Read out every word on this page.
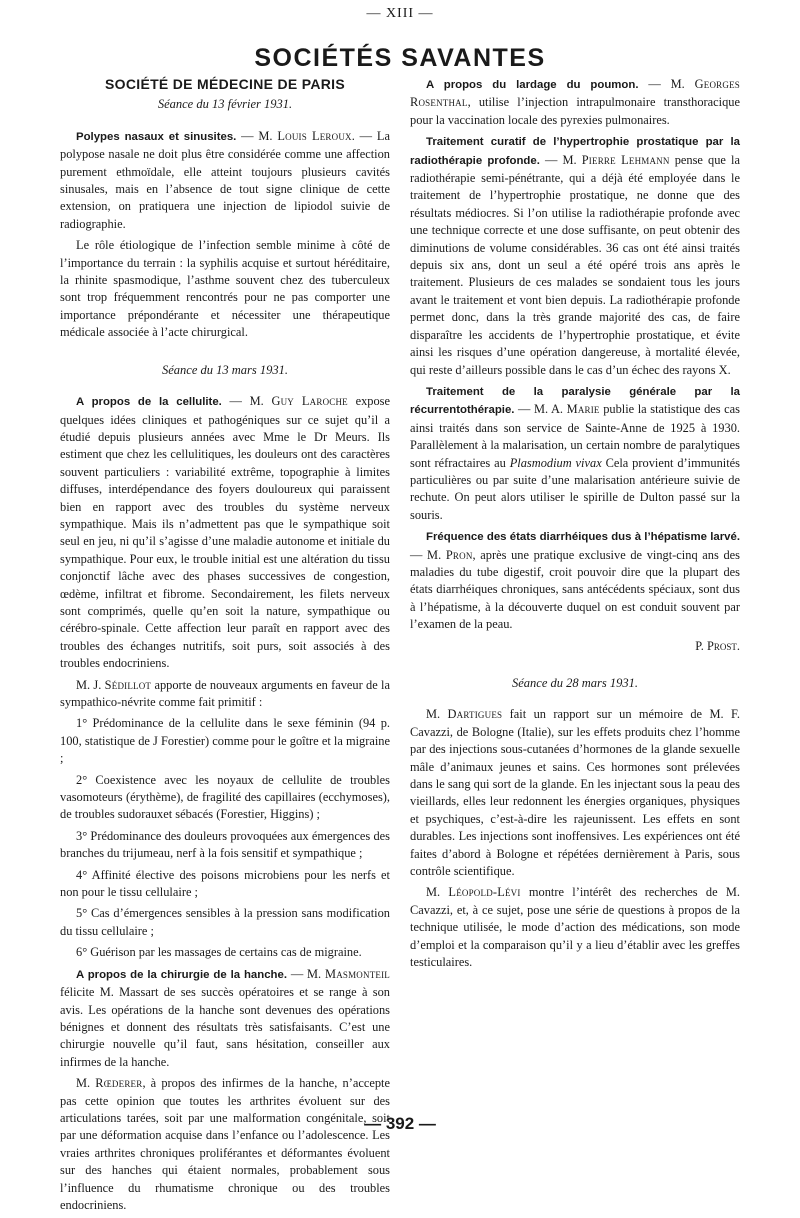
— XIII —
SOCIÉTÉS SAVANTES
SOCIÉTÉ DE MÉDECINE DE PARIS
Séance du 13 février 1931.

Polypes nasaux et sinusites. — M. Louis Leroux. — La polypose nasale ne doit plus être considérée comme une affection purement ethmoïdale, elle atteint toujours plusieurs cavités sinusales, mais en l’absence de tout signe clinique de cette extension, on pratiquera une injection de lipiodol suivie de radiographie.

Le rôle étiologique de l’infection semble minime à côté de l’importance du terrain : la syphilis acquise et surtout héréditaire, la rhinite spasmodique, l’asthme souvent chez des tuberculeux sont trop fréquemment rencontrés pour ne pas comporter une importance prépondérante et nécessiter une thérapeutique médicale associée à l’acte chirurgical.

Séance du 13 mars 1931.

A propos de la cellulite. — M. Guy Laroche expose quelques idées cliniques et pathogéniques sur ce sujet qu’il a étudié depuis plusieurs années avec Mme le Dr Meurs. Ils estiment que chez les cellulitiques, les douleurs ont des caractères souvent particuliers : variabilité extrême, topographie à limites diffuses, interdépendance des foyers douloureux qui paraissent bien en rapport avec des troubles du système nerveux sympathique. Mais ils n’admettent pas que le sympathique soit seul en jeu, ni qu’il s’agisse d’une maladie autonome et initiale du sympathique. Pour eux, le trouble initial est une altération du tissu conjonctif lâche avec des phases successives de congestion, œdème, infiltrat et fibrome. Secondairement, les filets nerveux sont comprimés, quelle qu’en soit la nature, sympathique ou cérébro-spinale. Cette affection leur paraît en rapport avec des troubles des échanges nutritifs, soit purs, soit associés à des troubles endocriniens.

M. J. Sédillot apporte de nouveaux arguments en faveur de la sympathico-névrite comme fait primitif :

1° Prédominance de la cellulite dans le sexe féminin (94 p. 100, statistique de J Forestier) comme pour le goître et la migraine ;

2° Coexistence avec les noyaux de cellulite de troubles vasomoteurs (érythème), de fragilité des capillaires (ecchymoses), de troubles sudorauxet sébacés (Forestier, Higgins) ;

3° Prédominance des douleurs provoquées aux émergences des branches du trijumeau, nerf à la fois sensitif et sympathique ;

4° Affinité élective des poisons microbiens pour les nerfs et non pour le tissu cellulaire ;

5° Cas d’émergences sensibles à la pression sans modification du tissu cellulaire ;

6° Guérison par les massages de certains cas de migraine.

A propos de la chirurgie de la hanche. — M. Masmonteil félicite M. Massart de ses succès opératoires et se range à son avis. Les opérations de la hanche sont devenues des opérations bénignes et donnent des résultats très satisfaisants. C’est une chirurgie nouvelle qu’il faut, sans hésitation, conseiller aux infirmes de la hanche.

M. Rœderer, à propos des infirmes de la hanche, n’accepte pas cette opinion que toutes les arthrites évoluent sur des articulations tarées, soit par une malformation congénitale, soit par une déformation acquise dans l’enfance ou l’adolescence. Les vraies arthrites chroniques proliférantes et déformantes évoluent sur des hanches qui étaient normales, probablement sous l’influence du rhumatisme chronique ou des troubles endocriniens.

A propos du lardage du poumon. — M. Georges Rosenthal, utilise l’injection intrapulmonaire transthoracique pour la vaccination locale des pyrexies pulmonaires.

Traitement curatif de l’hypertrophie prostatique par la radiothérapie profonde. — M. Pierre Lehmann pense que la radiothérapie semi-pénétrante, qui a déjà été employée dans le traitement de l’hypertrophie prostatique, ne donne que des résultats médiocres. Si l’on utilise la radiothérapie profonde avec une technique correcte et une dose suffisante, on peut obtenir des diminutions de volume considérables. 36 cas ont été ainsi traités depuis six ans, dont un seul a été opéré trois ans après le traitement. Plusieurs de ces malades se sondaient tous les jours avant le traitement et vont bien depuis. La radiothérapie profonde permet donc, dans la très grande majorité des cas, de faire disparaître les accidents de l’hypertrophie prostatique, et évite ainsi les risques d’une opération dangereuse, à mortalité élevée, qui reste d’ailleurs possible dans le cas d’un échec des rayons X.

Traitement de la paralysie générale par la récurrentothérapie. — M. A. Marie publie la statistique des cas ainsi traités dans son service de Sainte-Anne de 1925 à 1930. Parallèlement à la malarisation, un certain nombre de paralytiques sont réfractaires au Plasmodium vivax Cela provient d’immunités particulières ou par suite d’une malarisation antérieure suivie de rechute. On peut alors utiliser le spirille de Dulton passé sur la souris.

Fréquence des états diarrhéiques dus à l’hépatisme larvé. — M. Pron, après une pratique exclusive de vingt-cinq ans des maladies du tube digestif, croit pouvoir dire que la plupart des états diarrhéiques chroniques, sans antécédents spéciaux, sont dus à l’hépatisme, à la découverte duquel on est conduit souvent par l’examen de la peau.

P. Prost.

Séance du 28 mars 1931.

M. Dartigues fait un rapport sur un mémoire de M. F. Cavazzi, de Bologne (Italie), sur les effets produits chez l’homme par des injections sous-cutanées d’hormones de la glande sexuelle mâle d’animaux jeunes et sains. Ces hormones sont prélevées dans le sang qui sort de la glande. En les injectant sous la peau des vieillards, elles leur redonnent les énergies organiques, physiques et psychiques, c’est-à-dire les rajeunissent. Les effets en sont durables. Les injections sont inoffensives. Les expériences ont été faites d’abord à Bologne et répétées dernièrement à Paris, sous contrôle scientifique.

M. Léopold-Lévi montre l’intérêt des recherches de M. Cavazzi, et, à ce sujet, pose une série de questions à propos de la technique utilisée, le mode d’action des médications, son mode d’emploi et la comparaison qu’il y a lieu d’établir avec les greffes testiculaires.

— 392 —
